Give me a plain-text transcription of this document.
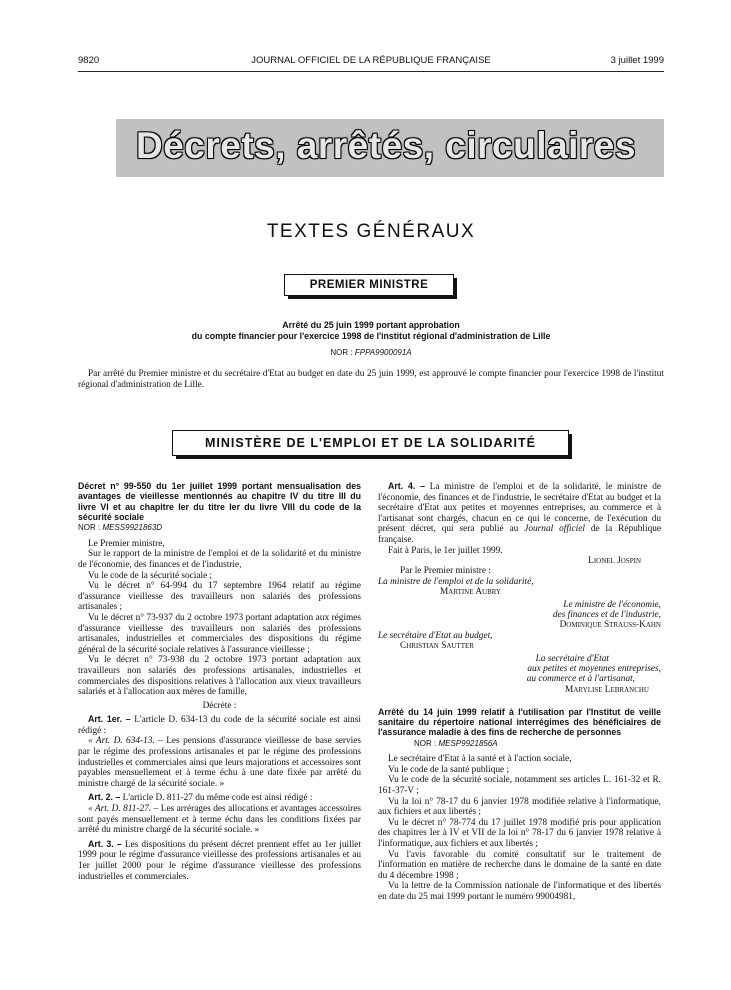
9820	JOURNAL OFFICIEL DE LA RÉPUBLIQUE FRANÇAISE	3 juillet 1999
Décrets, arrêtés, circulaires
TEXTES GÉNÉRAUX
PREMIER MINISTRE
Arrêté du 25 juin 1999 portant approbation
du compte financier pour l'exercice 1998 de l'institut régional d'administration de Lille
NOR : FPPA9900091A
Par arrêté du Premier ministre et du secrétaire d'Etat au budget en date du 25 juin 1999, est approuvé le compte financier pour l'exercice 1998 de l'institut régional d'administration de Lille.
MINISTÈRE DE L'EMPLOI ET DE LA SOLIDARITÉ

Décret n° 99-550 du 1er juillet 1999 portant mensualisation des avantages de vieillesse mentionnés au chapitre IV du titre III du livre VI et au chapitre Ier du titre Ier du livre VIII du code de la sécurité sociale

NOR : MESS9921863D

Le Premier ministre,

Sur le rapport de la ministre de l'emploi et de la solidarité et du ministre de l'économie, des finances et de l'industrie,

Vu le code de la sécurité sociale ;

Vu le décret n° 64-994 du 17 septembre 1964 relatif au régime d'assurance vieillesse des travailleurs non salariés des professions artisanales ;

Vu le décret n° 73-937 du 2 octobre 1973 portant adaptation aux régimes d'assurance vieillesse des travailleurs non salariés des professions artisanales, industrielles et commerciales des dispositions du régime général de la sécurité sociale relatives à l'assurance vieillesse ;

Vu le décret n° 73-938 du 2 octobre 1973 portant adaptation aux travailleurs non salariés des professions artisanales, industrielles et commerciales des dispositions relatives à l'allocation aux vieux travailleurs salariés et à l'allocation aux mères de famille,

Décrète :

Art. 1er. – L'article D. 634-13 du code de la sécurité sociale est ainsi rédigé :

« Art. D. 634-13. – Les pensions d'assurance vieillesse de base servies par le régime des professions artisanales et par le régime des professions industrielles et commerciales ainsi que leurs majorations et accessoires sont payables mensuellement et à terme échu à une date fixée par arrêté du ministre chargé de la sécurité sociale. »

Art. 2. – L'article D. 811-27 du même code est ainsi rédigé :

« Art. D. 811-27. – Les arrérages des allocations et avantages accessoires sont payés mensuellement et à terme échu dans les conditions fixées par arrêté du ministre chargé de la sécurité sociale. »

Art. 3. – Les dispositions du présent décret prennent effet au 1er juillet 1999 pour le régime d'assurance vieillesse des professions artisanales et au 1er juillet 2000 pour le régime d'assurance vieillesse des professions industrielles et commerciales.

Art. 4. – La ministre de l'emploi et de la solidarité, le ministre de l'économie, des finances et de l'industrie, le secrétaire d'Etat au budget et la secrétaire d'Etat aux petites et moyennes entreprises, au commerce et à l'artisanat sont chargés, chacun en ce qui le concerne, de l'exécution du présent décret, qui sera publié au Journal officiel de la République française.

Fait à Paris, le 1er juillet 1999.

Lionel Jospin

Par le Premier ministre :

La ministre de l'emploi et de la solidarité,

Martine Aubry

Le ministre de l'économie,

des finances et de l'industrie,

Dominique Strauss-Kahn

Le secrétaire d'Etat au budget,

Christian Sautter

La secrétaire d'Etat

aux petites et moyennes entreprises,

au commerce et à l'artisanat,

Marylise Lebranchu

Arrêté du 14 juin 1999 relatif à l'utilisation par l'Institut de veille sanitaire du répertoire national interrégimes des bénéficiaires de l'assurance maladie à des fins de recherche de personnes

NOR : MESP9921856A

Le secrétaire d'Etat à la santé et à l'action sociale,

Vu le code de la santé publique ;

Vu le code de la sécurité sociale, notamment ses articles L. 161-32 et R. 161-37-V ;

Vu la loi n° 78-17 du 6 janvier 1978 modifiée relative à l'informatique, aux fichiers et aux libertés ;

Vu le décret n° 78-774 du 17 juillet 1978 modifié pris pour application des chapitres Ier à IV et VII de la loi n° 78-17 du 6 janvier 1978 relative à l'informatique, aux fichiers et aux libertés ;

Vu l'avis favorable du comité consultatif sur le traitement de l'information en matière de recherche dans le domaine de la santé en date du 4 décembre 1998 ;

Vu la lettre de la Commission nationale de l'informatique et des libertés en date du 25 mai 1999 portant le numéro 99004981,
